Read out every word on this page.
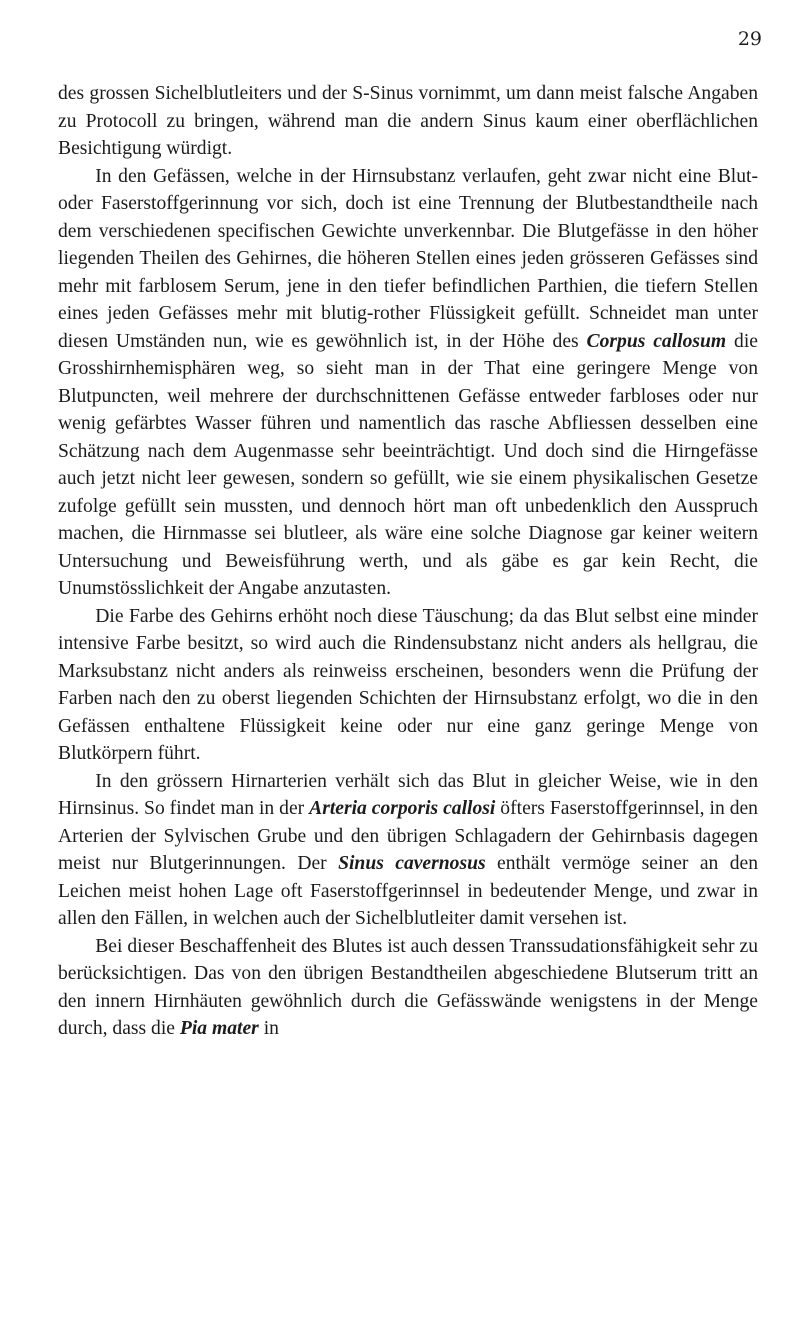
29

des grossen Sichelblutleiters und der S-Sinus vornimmt, um dann meist falsche Angaben zu Protocoll zu bringen, während man die andern Sinus kaum einer oberflächlichen Besichtigung würdigt.

In den Gefässen, welche in der Hirnsubstanz verlaufen, geht zwar nicht eine Blut- oder Faserstoffgerinnung vor sich, doch ist eine Trennung der Blutbestandtheile nach dem verschiedenen specifischen Gewichte unverkennbar. Die Blutgefässe in den höher liegenden Theilen des Gehirnes, die höheren Stellen eines jeden grösseren Gefässes sind mehr mit farblosem Serum, jene in den tiefer befindlichen Parthien, die tiefern Stellen eines jeden Gefässes mehr mit blutig-rother Flüssigkeit gefüllt. Schneidet man unter diesen Umständen nun, wie es gewöhnlich ist, in der Höhe des Corpus callosum die Grosshirnhemisphären weg, so sieht man in der That eine geringere Menge von Blutpuncten, weil mehrere der durchschnittenen Gefässe entweder farbloses oder nur wenig gefärbtes Wasser führen und namentlich das rasche Abfliessen desselben eine Schätzung nach dem Augenmasse sehr beeinträchtigt. Und doch sind die Hirngefässe auch jetzt nicht leer gewesen, sondern so gefüllt, wie sie einem physikalischen Gesetze zufolge gefüllt sein mussten, und dennoch hört man oft unbedenklich den Ausspruch machen, die Hirnmasse sei blutleer, als wäre eine solche Diagnose gar keiner weitern Untersuchung und Beweisführung werth, und als gäbe es gar kein Recht, die Unumstösslichkeit der Angabe anzutasten.

Die Farbe des Gehirns erhöht noch diese Täuschung; da das Blut selbst eine minder intensive Farbe besitzt, so wird auch die Rindensubstanz nicht anders als hellgrau, die Marksubstanz nicht anders als reinweiss erscheinen, besonders wenn die Prüfung der Farben nach den zu oberst liegenden Schichten der Hirnsubstanz erfolgt, wo die in den Gefässen enthaltene Flüssigkeit keine oder nur eine ganz geringe Menge von Blutkörpern führt.

In den grössern Hirnarterien verhält sich das Blut in gleicher Weise, wie in den Hirnsinus. So findet man in der Arteria corporis callosi öfters Faserstoffgerinnsel, in den Arterien der Sylvischen Grube und den übrigen Schlagadern der Gehirnbasis dagegen meist nur Blutgerinnungen. Der Sinus cavernosus enthält vermöge seiner an den Leichen meist hohen Lage oft Faserstoffgerinnsel in bedeutender Menge, und zwar in allen den Fällen, in welchen auch der Sichelblutleiter damit versehen ist.

Bei dieser Beschaffenheit des Blutes ist auch dessen Transsudationsfähigkeit sehr zu berücksichtigen. Das von den übrigen Bestandtheilen abgeschiedene Blutserum tritt an den innern Hirnhäuten gewöhnlich durch die Gefässwände wenigstens in der Menge durch, dass die Pia mater in
